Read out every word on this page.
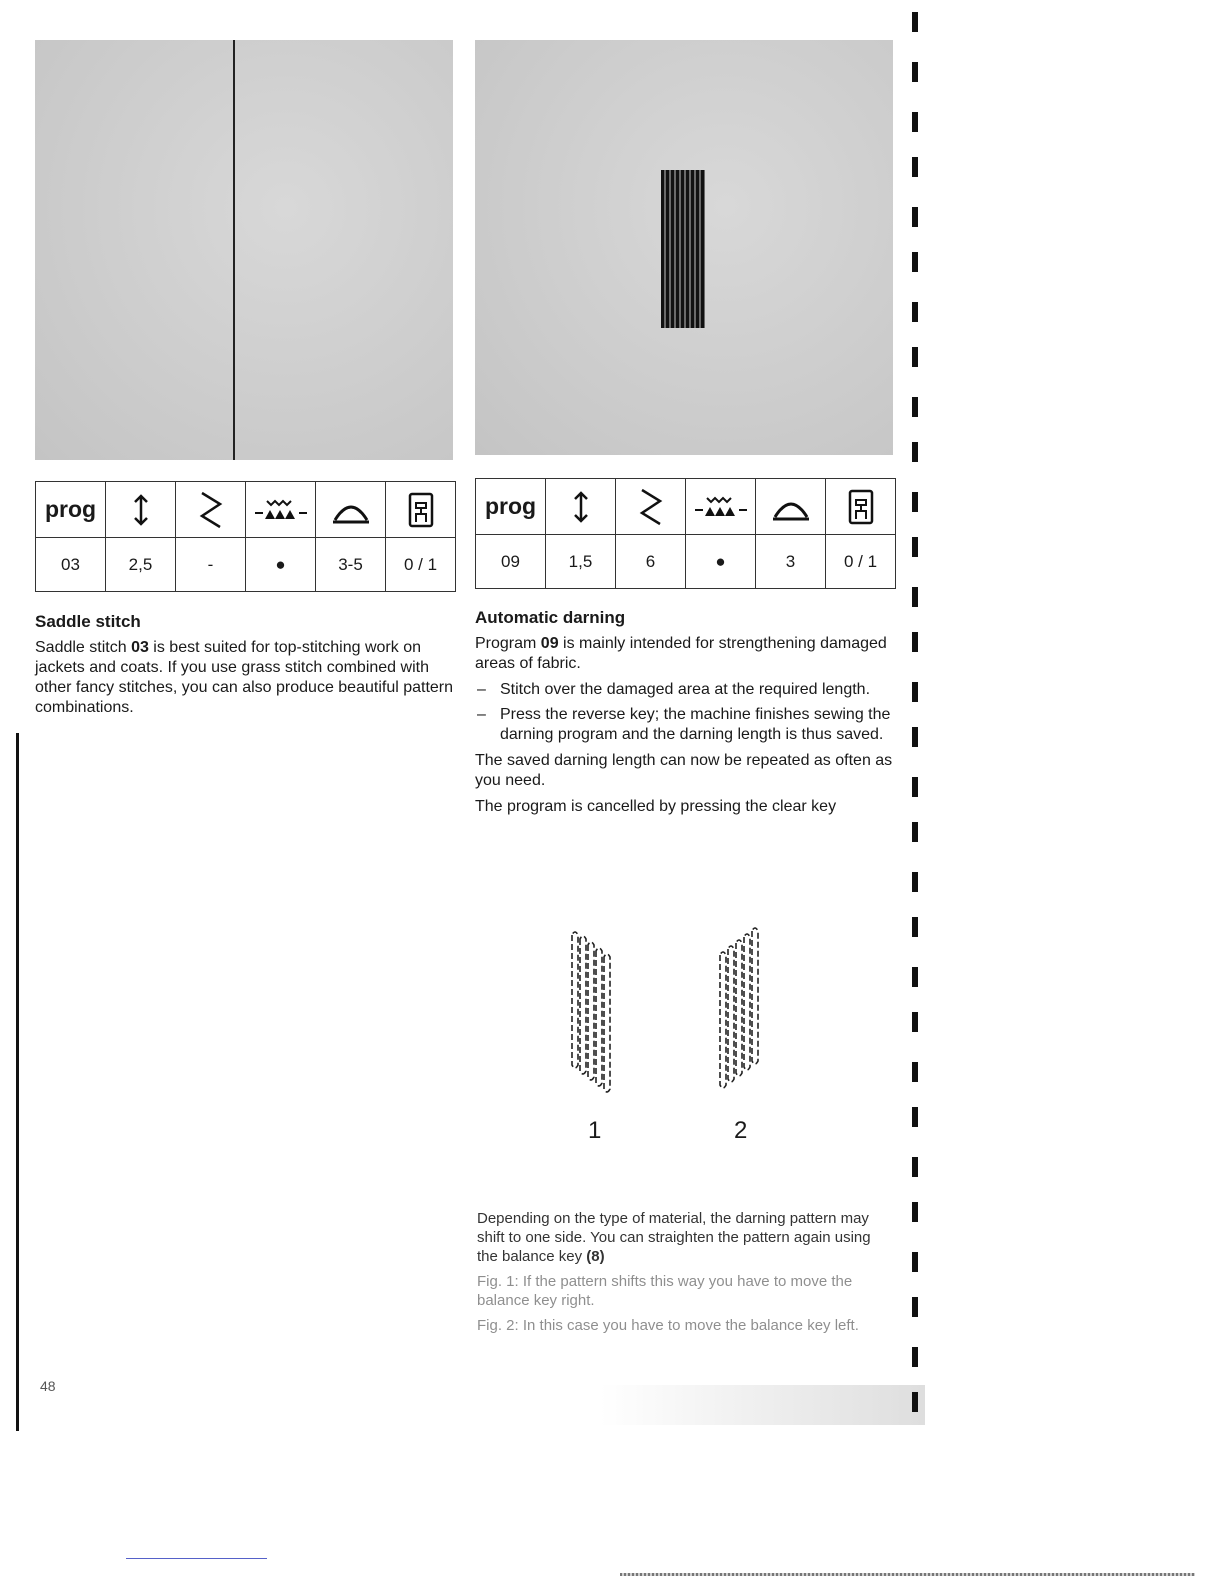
prog	

03	2,5	-	●	3-5	0 / 1
prog	

09	1,5	6	●	3	0 / 1
Saddle stitch

Saddle stitch 03 is best suited for top-stitching work on jackets and coats. If you use grass stitch combined with other fancy stitches, you can also produce beautiful pattern combinations.

Automatic darning

Program 09 is mainly intended for strengthening damaged areas of fabric.

– Stitch over the damaged area at the required length.
– Press the reverse key; the machine finishes sewing the darning program and the darning length is thus saved.

The saved darning length can now be repeated as often as you need.

The program is cancelled by pressing the clear key

1	2

Depending on the type of material, the darning pattern may shift to one side. You can straighten the pattern again using the balance key (8)

Fig. 1: If the pattern shifts this way you have to move the balance key right.

Fig. 2: In this case you have to move the balance key left.

48
